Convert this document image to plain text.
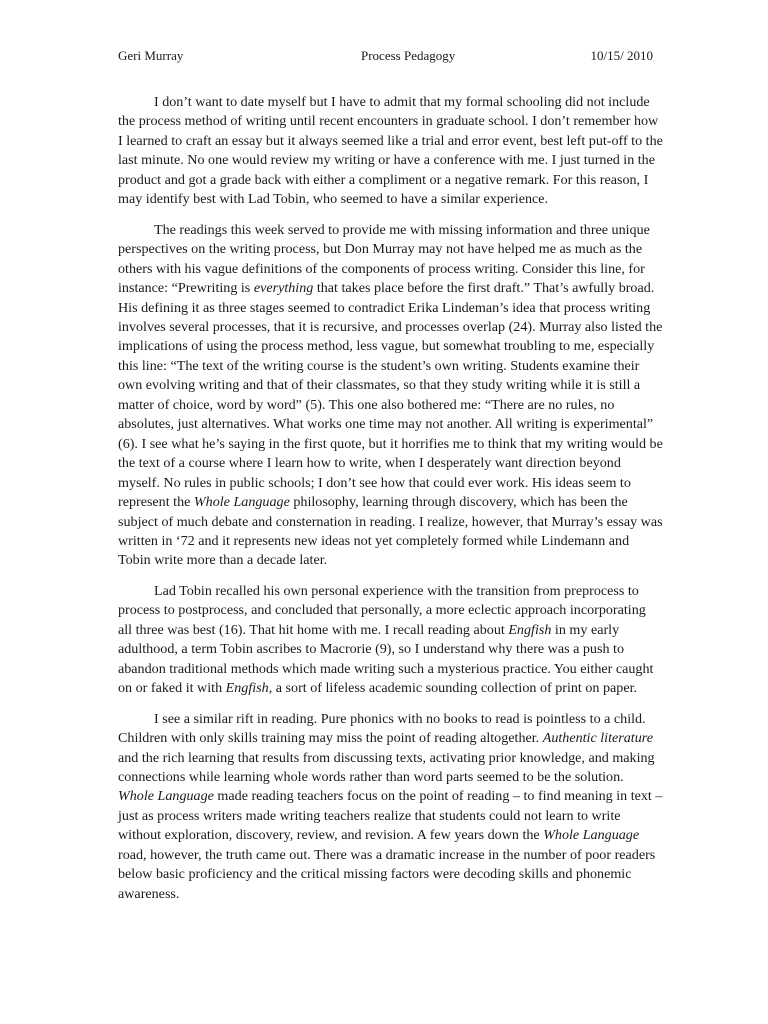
Geri Murray	Process Pedagogy	10/15/ 2010

I don’t want to date myself but I have to admit that my formal schooling did not include the process method of writing until recent encounters in graduate school. I don’t remember how I learned to craft an essay but it always seemed like a trial and error event, best left put-off to the last minute. No one would review my writing or have a conference with me. I just turned in the product and got a grade back with either a compliment or a negative remark. For this reason, I may identify best with Lad Tobin, who seemed to have a similar experience.

The readings this week served to provide me with missing information and three unique perspectives on the writing process, but Don Murray may not have helped me as much as the others with his vague definitions of the components of process writing. Consider this line, for instance: “Prewriting is everything that takes place before the first draft.” That’s awfully broad. His defining it as three stages seemed to contradict Erika Lindeman’s idea that process writing involves several processes, that it is recursive, and processes overlap (24). Murray also listed the implications of using the process method, less vague, but somewhat troubling to me, especially this line: “The text of the writing course is the student’s own writing. Students examine their own evolving writing and that of their classmates, so that they study writing while it is still a matter of choice, word by word” (5). This one also bothered me: “There are no rules, no absolutes, just alternatives. What works one time may not another. All writing is experimental” (6). I see what he’s saying in the first quote, but it horrifies me to think that my writing would be the text of a course where I learn how to write, when I desperately want direction beyond myself. No rules in public schools; I don’t see how that could ever work. His ideas seem to represent the Whole Language philosophy, learning through discovery, which has been the subject of much debate and consternation in reading. I realize, however, that Murray’s essay was written in ‘72 and it represents new ideas not yet completely formed while Lindemann and Tobin write more than a decade later.

Lad Tobin recalled his own personal experience with the transition from preprocess to process to postprocess, and concluded that personally, a more eclectic approach incorporating all three was best (16). That hit home with me. I recall reading about Engfish in my early adulthood, a term Tobin ascribes to Macrorie (9), so I understand why there was a push to abandon traditional methods which made writing such a mysterious practice. You either caught on or faked it with Engfish, a sort of lifeless academic sounding collection of print on paper.

I see a similar rift in reading. Pure phonics with no books to read is pointless to a child. Children with only skills training may miss the point of reading altogether. Authentic literature and the rich learning that results from discussing texts, activating prior knowledge, and making connections while learning whole words rather than word parts seemed to be the solution. Whole Language made reading teachers focus on the point of reading – to find meaning in text – just as process writers made writing teachers realize that students could not learn to write without exploration, discovery, review, and revision. A few years down the Whole Language road, however, the truth came out. There was a dramatic increase in the number of poor readers below basic proficiency and the critical missing factors were decoding skills and phonemic awareness.
